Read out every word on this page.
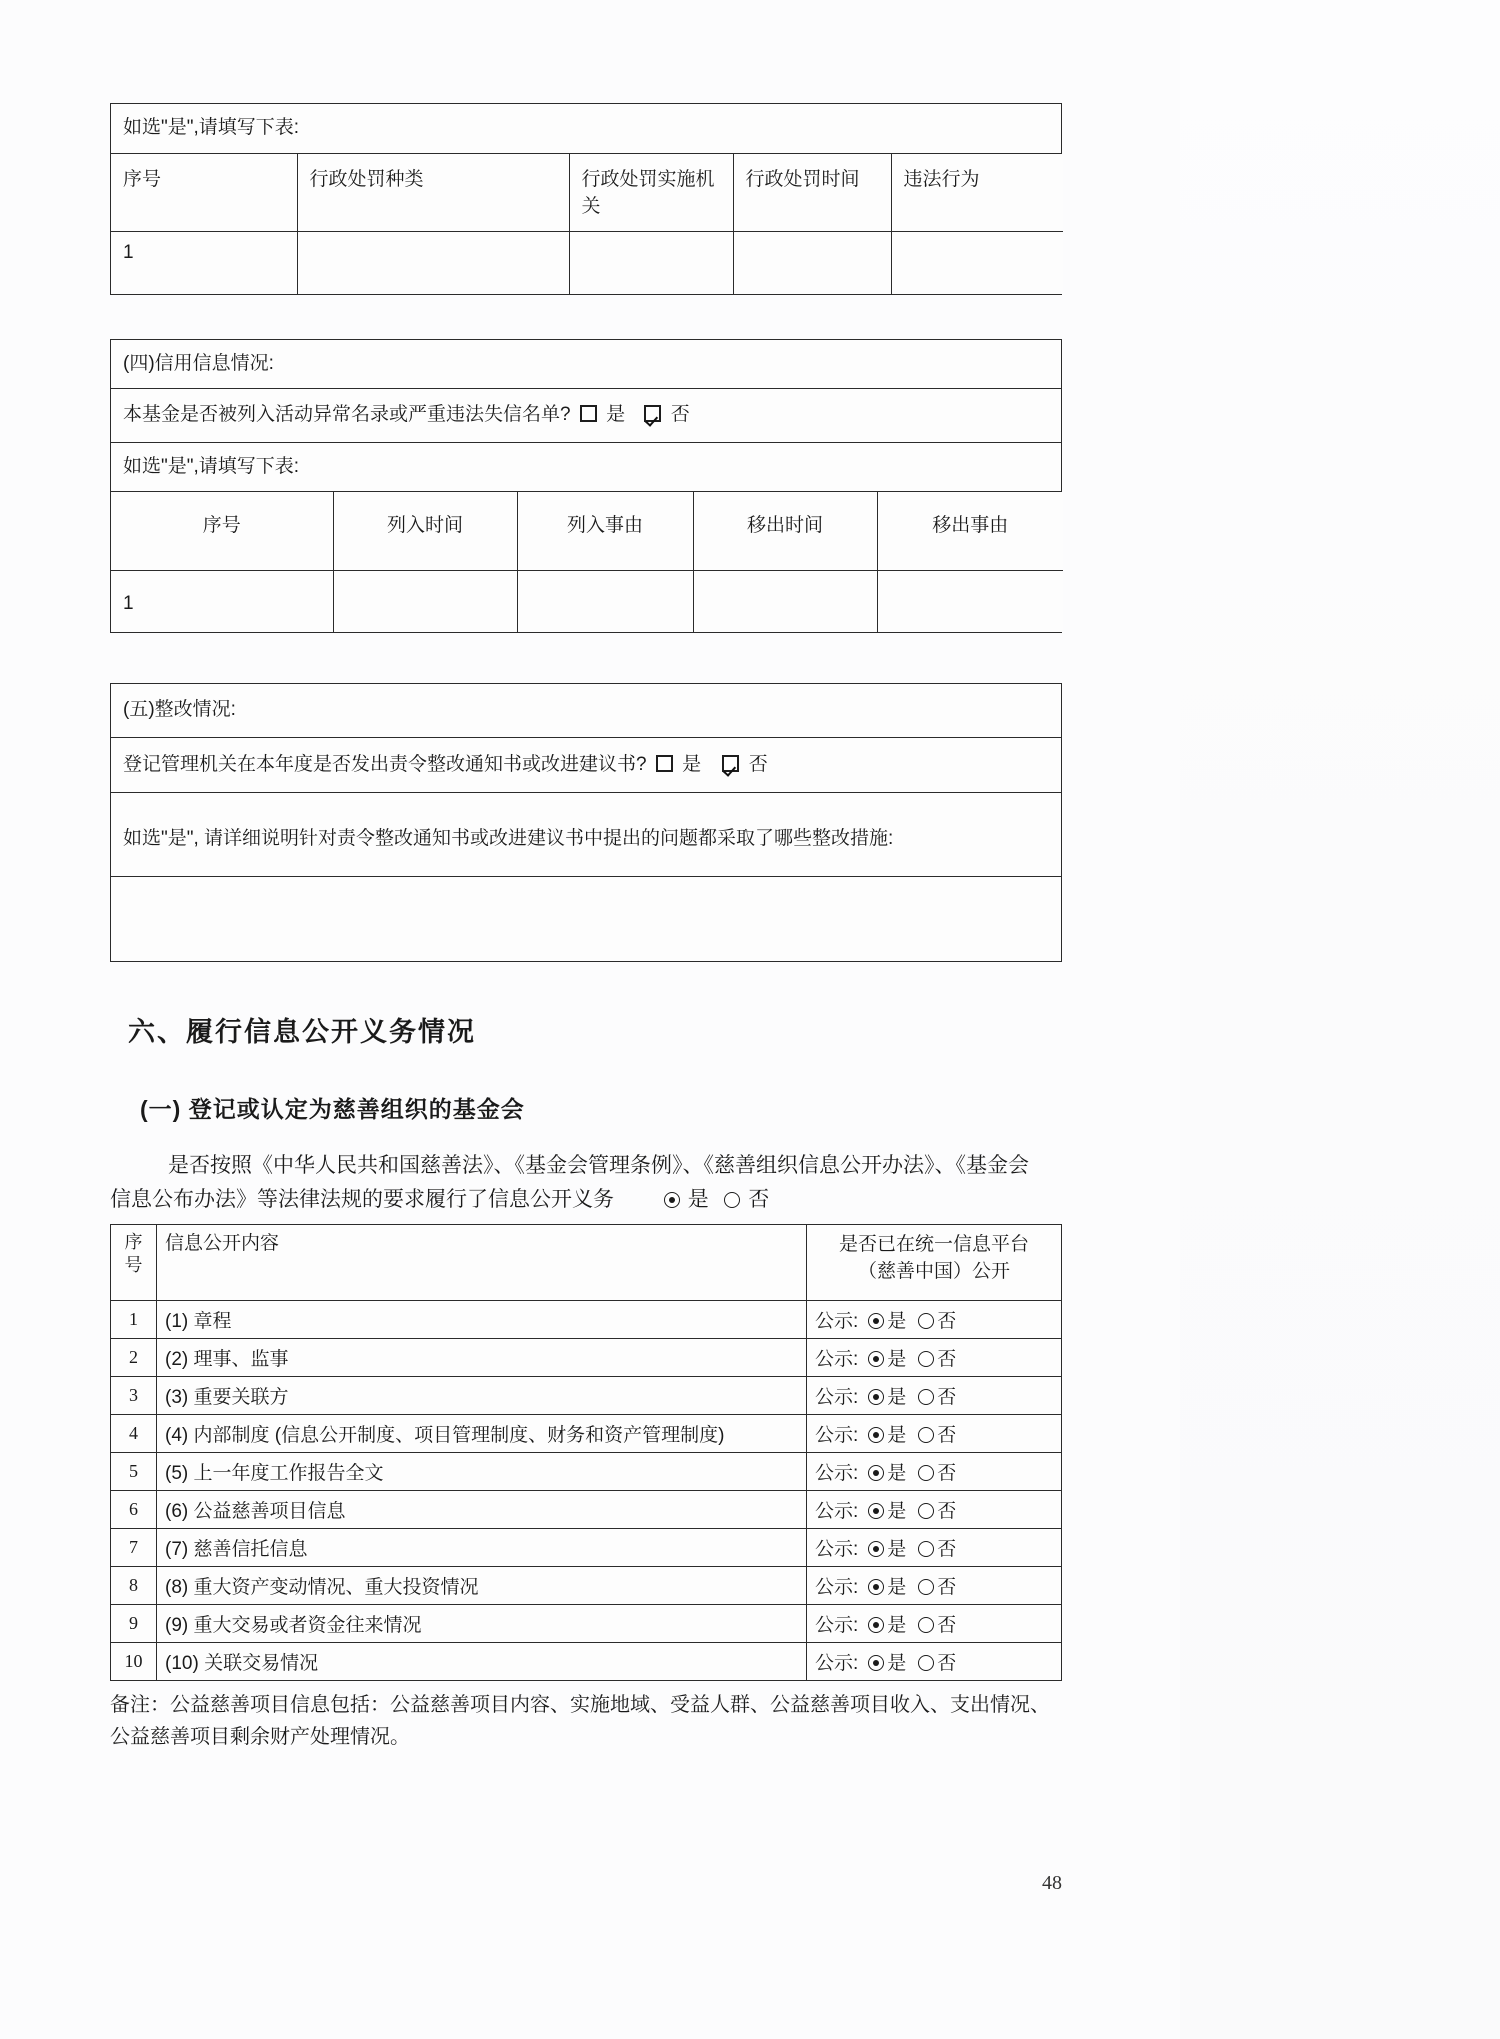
如选"是",请填写下表:
序号	行政处罚种类	行政处罚实施机关	行政处罚时间	违法行为
1				
(四)信用信息情况:
本基金是否被列入活动异常名录或严重违法失信名单? 是 否
如选"是",请填写下表:
序号	列入时间	列入事由	移出时间	移出事由
1				
(五)整改情况:
登记管理机关在本年度是否发出责令整改通知书或改进建议书? 是	否
如选"是", 请详细说明针对责令整改通知书或改进建议书中提出的问题都采取了哪些整改措施:
六、履行信息公开义务情况
(一) 登记或认定为慈善组织的基金会
是否按照《中华人民共和国慈善法》、《基金会管理条例》、《慈善组织信息公开办法》、《基金会
信息公布办法》等法律法规的要求履行了信息公开义务	是 否
序号	信息公开内容	是否已在统一信息平台
（慈善中国）公开

1	(1) 章程	公示: 是 否
2	(2) 理事、监事	公示: 是 否
3	(3) 重要关联方	公示: 是 否
4	(4) 内部制度 (信息公开制度、项目管理制度、财务和资产管理制度)	公示: 是 否
5	(5) 上一年度工作报告全文	公示: 是 否
6	(6) 公益慈善项目信息	公示: 是 否
7	(7) 慈善信托信息	公示: 是 否
8	(8) 重大资产变动情况、重大投资情况	公示: 是 否
9	(9) 重大交易或者资金往来情况	公示: 是 否
10	(10) 关联交易情况	公示: 是 否
备注：公益慈善项目信息包括：公益慈善项目内容、实施地域、受益人群、公益慈善项目收入、支出情况、
公益慈善项目剩余财产处理情况。
48
